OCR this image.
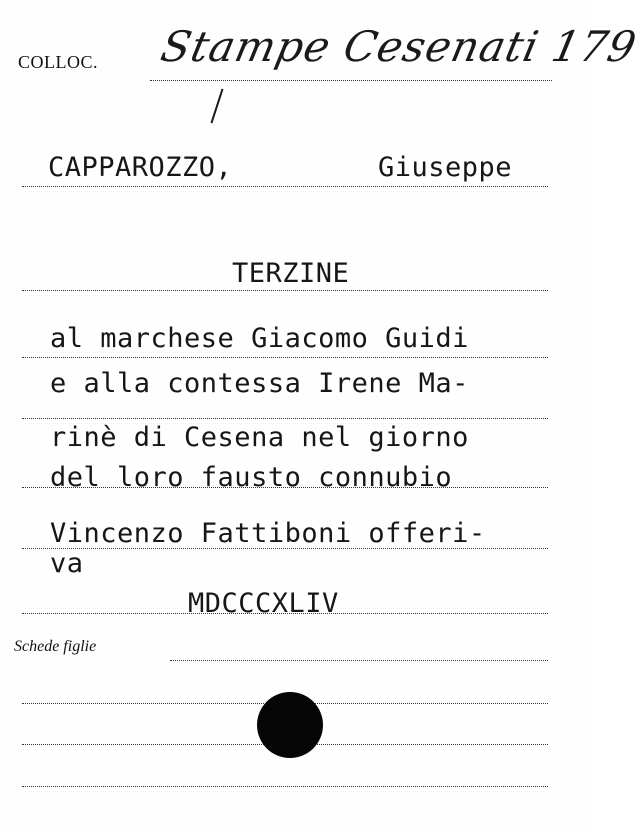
COLLOC. Stampe Cesenati 179
CAPPAROZZO,	Giuseppe
TERZINE
al marchese Giacomo Guidi
e alla contessa Irene Ma-
rinè di Cesena nel giorno
del loro fausto connubio
Vincenzo Fattiboni offeri-
va
MDCCCXLIV
Schede figlie
